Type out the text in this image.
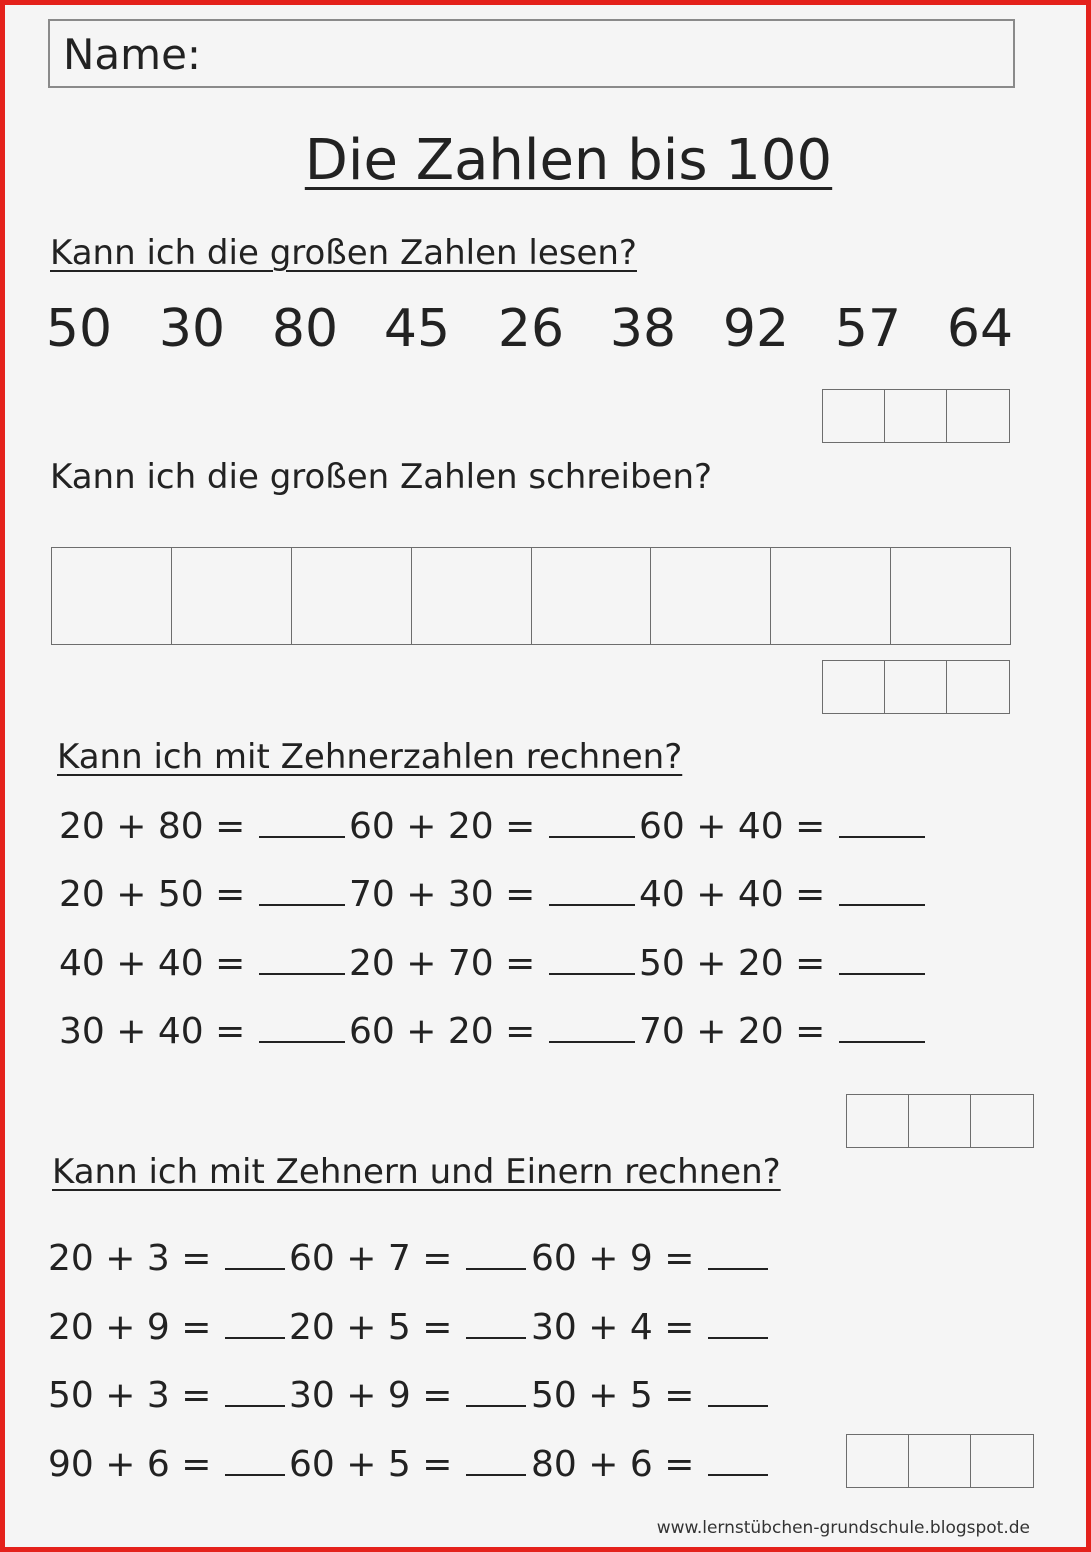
Name:
Die Zahlen bis 100
Kann ich die großen Zahlen lesen?
50 30 80 45 26 38 92 57 64
Kann ich die großen Zahlen schreiben?
Kann ich mit Zehnerzahlen rechnen?
20 + 80 =
20 + 50 =
40 + 40 =
30 + 40 =
60 + 20 =
70 + 30 =
20 + 70 =
60 + 20 =
60 + 40 =
40 + 40 =
50 + 20 =
70 + 20 =
Kann ich mit Zehnern und Einern rechnen?
20 + 3 =
20 + 9 =
50 + 3 =
90 + 6 =
60 + 7 =
20 + 5 =
30 + 9 =
60 + 5 =
60 + 9 =
30 + 4 =
50 + 5 =
80 + 6 =
www.lernstübchen-grundschule.blogspot.de
